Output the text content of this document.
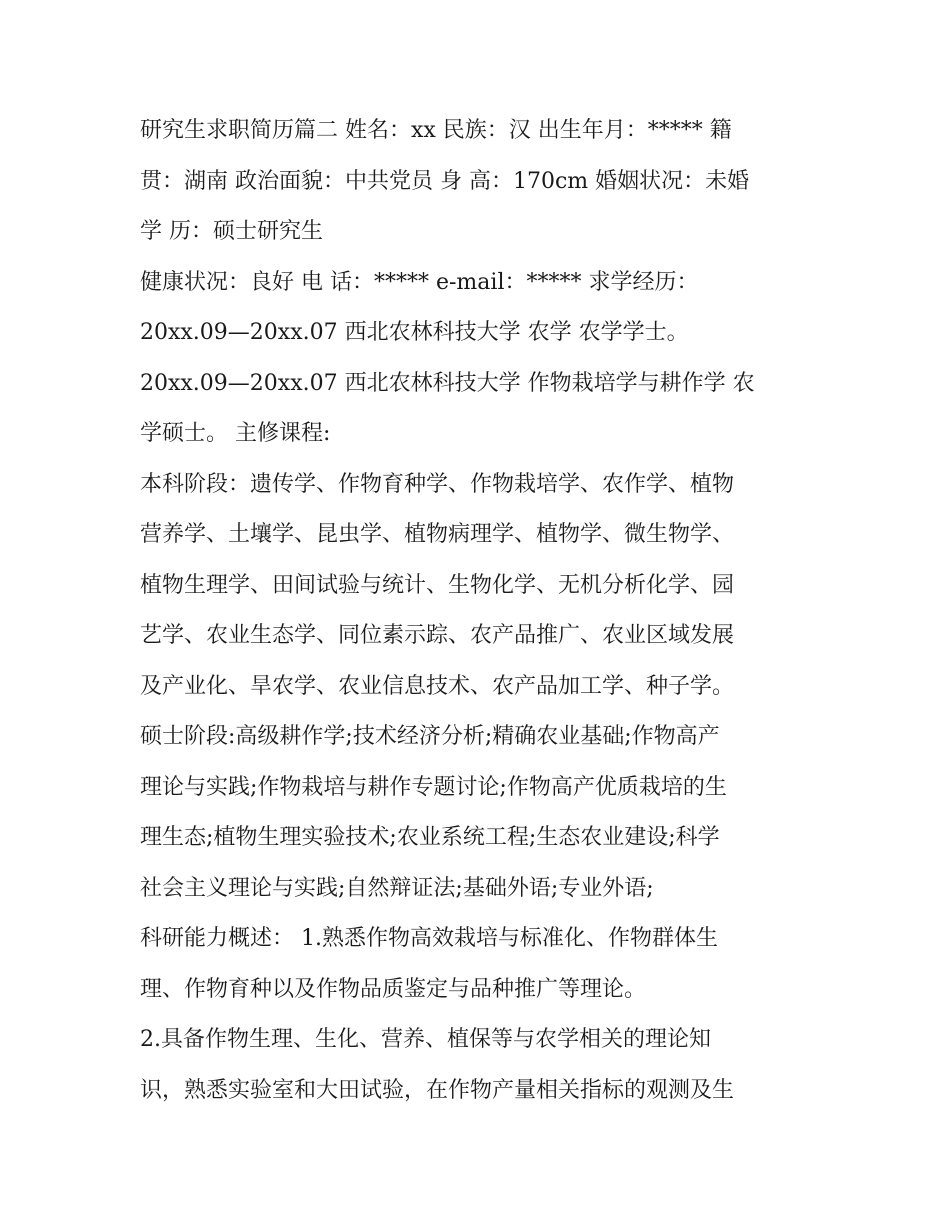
研究生求职简历篇二 姓名：xx 民族：汉 出生年月：***** 籍
贯：湖南 政治面貌：中共党员 身 高：170cm 婚姻状况：未婚
学 历：硕士研究生
健康状况：良好 电 话：***** e-mail：***** 求学经历：
20xx.09—20xx.07 西北农林科技大学 农学 农学学士。
20xx.09—20xx.07 西北农林科技大学 作物栽培学与耕作学 农
学硕士。 主修课程:
本科阶段：遗传学、作物育种学、作物栽培学、农作学、植物
营养学、土壤学、昆虫学、植物病理学、植物学、微生物学、
植物生理学、田间试验与统计、生物化学、无机分析化学、园
艺学、农业生态学、同位素示踪、农产品推广、农业区域发展
及产业化、旱农学、农业信息技术、农产品加工学、种子学。
硕士阶段:高级耕作学;技术经济分析;精确农业基础;作物高产
理论与实践;作物栽培与耕作专题讨论;作物高产优质栽培的生
理生态;植物生理实验技术;农业系统工程;生态农业建设;科学
社会主义理论与实践;自然辩证法;基础外语;专业外语;
科研能力概述： 1.熟悉作物高效栽培与标准化、作物群体生
理、作物育种以及作物品质鉴定与品种推广等理论。
2.具备作物生理、生化、营养、植保等与农学相关的理论知
识，熟悉实验室和大田试验，在作物产量相关指标的观测及生
